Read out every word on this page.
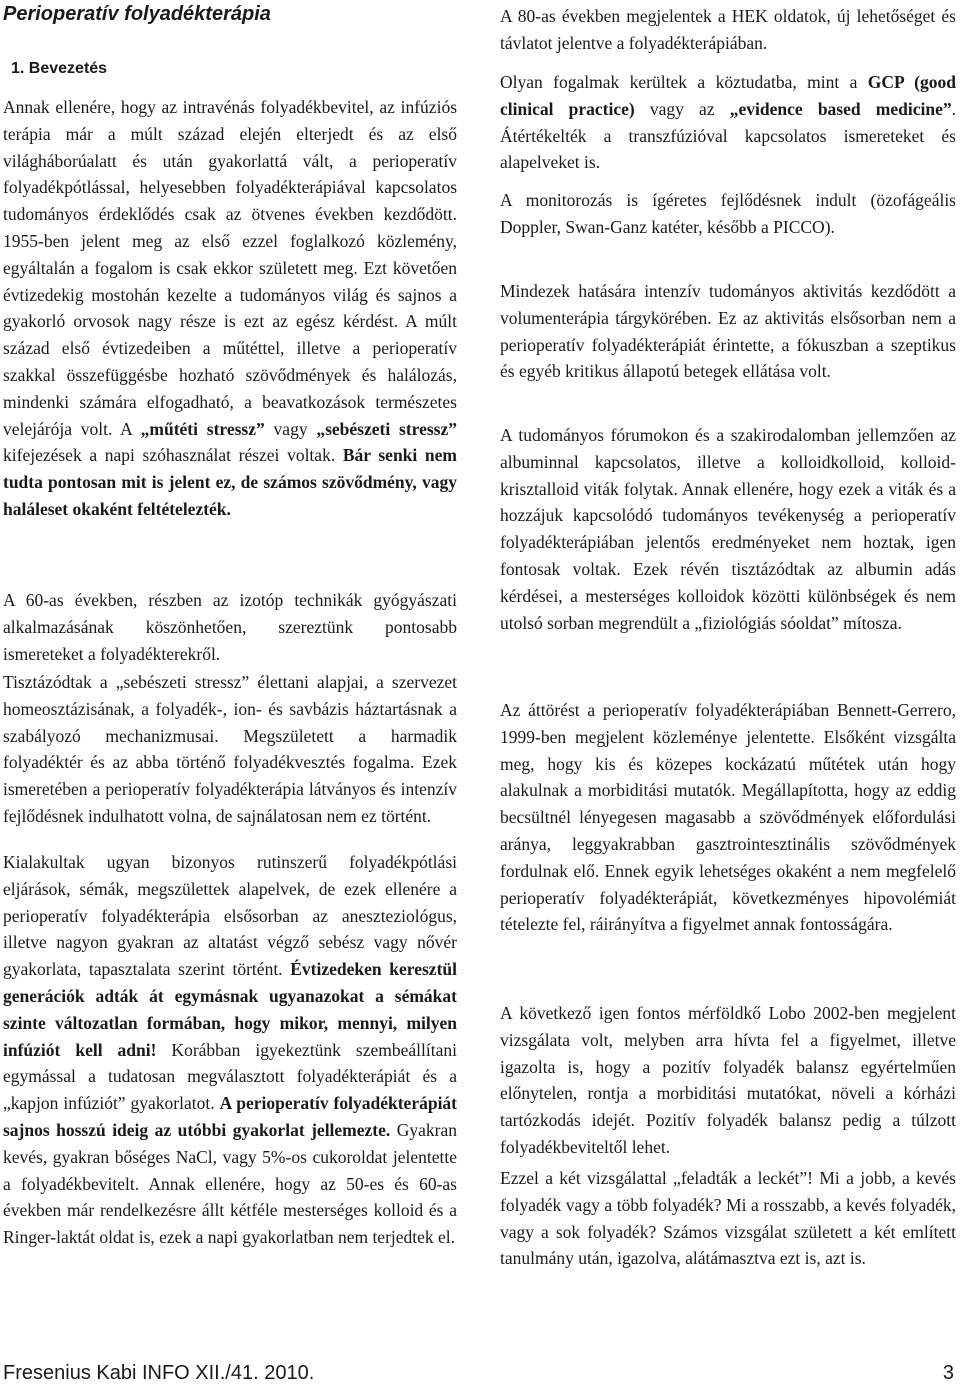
Perioperatív folyadékterápia
1. Bevezetés

Annak ellenére, hogy az intravénás folyadékbevitel, az infúziós terápia már a múlt század elején elterjedt és az első világháborúalatt és után gyakorlattá vált, a perioperatív folyadékpótlással, helyesebben folyadékterápiával kapcsolatos tudományos érdeklődés csak az ötvenes években kezdődött. 1955-ben jelent meg az első ezzel foglalkozó közlemény, egyáltalán a fogalom is csak ekkor született meg. Ezt követően évtizedekig mostohán kezelte a tudományos világ és sajnos a gyakorló orvosok nagy része is ezt az egész kérdést. A múlt század első évtizedeiben a műtéttel, illetve a perioperatív szakkal összefüggésbe hozható szövődmények és halálozás, mindenki számára elfogadható, a beavatkozások természetes velejárója volt. A „műtéti stressz” vagy „sebészeti stressz” kifejezések a napi szóhasználat részei voltak. Bár senki nem tudta pontosan mit is jelent ez, de számos szövődmény, vagy haláleset okaként feltételezték.

A 60-as években, részben az izotóp technikák gyógyászati alkalmazásának köszönhetően, szereztünk pontosabb ismereteket a folyadékterekről.

Tisztázódtak a „sebészeti stressz” élettani alapjai, a szervezet homeosztázisának, a folyadék-, ion- és savbázis háztartásnak a szabályozó mechanizmusai. Megszületett a harmadik folyadéktér és az abba történő folyadékvesztés fogalma. Ezek ismeretében a perioperatív folyadékterápia látványos és intenzív fejlődésnek indulhatott volna, de sajnálatosan nem ez történt.

Kialakultak ugyan bizonyos rutinszerű folyadékpótlási eljárások, sémák, megszülettek alapelvek, de ezek ellenére a perioperatív folyadékterápia elsősorban az aneszteziológus, illetve nagyon gyakran az altatást végző sebész vagy nővér gyakorlata, tapasztalata szerint történt. Évtizedeken keresztül generációk adták át egymásnak ugyanazokat a sémákat szinte változatlan formában, hogy mikor, mennyi, milyen infúziót kell adni! Korábban igyekeztünk szembeállítani egymással a tudatosan megválasztott folyadékterápiát és a „kapjon infúziót” gyakorlatot. A perioperatív folyadékterápiát sajnos hosszú ideig az utóbbi gyakorlat jellemezte. Gyakran kevés, gyakran bőséges NaCl, vagy 5%-os cukoroldat jelentette a folyadékbevitelt. Annak ellenére, hogy az 50-es és 60-as években már rendelkezésre állt kétféle mesterséges kolloid és a Ringer-laktát oldat is, ezek a napi gyakorlatban nem terjedtek el.

A 80-as években megjelentek a HEK oldatok, új lehetőséget és távlatot jelentve a folyadékterápiában.

Olyan fogalmak kerültek a köztudatba, mint a GCP (good clinical practice) vagy az „evidence based medicine”. Átértékelték a transzfúzióval kapcsolatos ismereteket és alapelveket is.

A monitorozás is ígéretes fejlődésnek indult (özofágeális Doppler, Swan-Ganz katéter, később a PICCO).

Mindezek hatására intenzív tudományos aktivitás kezdődött a volumenterápia tárgykörében. Ez az aktivitás elsősorban nem a perioperatív folyadékterápiát érintette, a fókuszban a szeptikus és egyéb kritikus állapotú betegek ellátása volt.

A tudományos fórumokon és a szakirodalomban jellemzően az albuminnal kapcsolatos, illetve a kolloidkolloid, kolloid-krisztalloid viták folytak. Annak ellenére, hogy ezek a viták és a hozzájuk kapcsolódó tudományos tevékenység a perioperatív folyadékterápiában jelentős eredményeket nem hoztak, igen fontosak voltak. Ezek révén tisztázódtak az albumin adás kérdései, a mesterséges kolloidok közötti különbségek és nem utolsó sorban megrendült a „fiziológiás sóoldat” mítosza.

Az áttörést a perioperatív folyadékterápiában Bennett-Gerrero, 1999-ben megjelent közleménye jelentette. Elsőként vizsgálta meg, hogy kis és közepes kockázatú műtétek után hogy alakulnak a morbiditási mutatók. Megállapította, hogy az eddig becsültnél lényegesen magasabb a szövődmények előfordulási aránya, leggyakrabban gasztrointesztinális szövődmények fordulnak elő. Ennek egyik lehetséges okaként a nem megfelelő perioperatív folyadékterápiát, következményes hipovolémiát tételezte fel, ráirányítva a figyelmet annak fontosságára.

A következő igen fontos mérföldkő Lobo 2002-ben megjelent vizsgálata volt, melyben arra hívta fel a figyelmet, illetve igazolta is, hogy a pozitív folyadék balansz egyértelműen előnytelen, rontja a morbiditási mutatókat, növeli a kórházi tartózkodás idejét. Pozitív folyadék balansz pedig a túlzott folyadékbeviteltől lehet.

Ezzel a két vizsgálattal „feladták a leckét”! Mi a jobb, a kevés folyadék vagy a több folyadék? Mi a rosszabb, a kevés folyadék, vagy a sok folyadék? Számos vizsgálat született a két említett tanulmány után, igazolva, alátámasztva ezt is, azt is.

Fresenius Kabi INFO XII./41. 2010.	3
